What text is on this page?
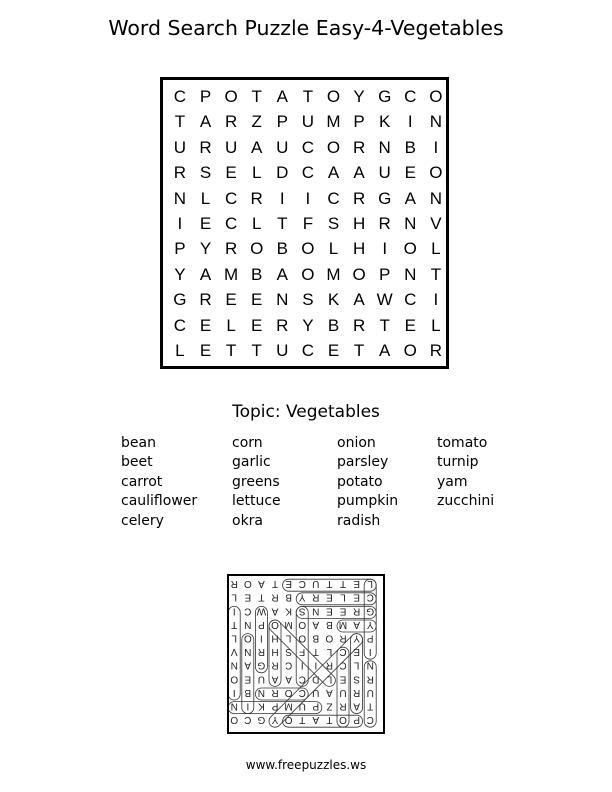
Word Search Puzzle Easy-4-Vegetables
C P O T A T O Y G C O
T A R Z P U M P K	I	N
U R U A U C O R N B	I
R S E L D C A A U E O
N L C R	I	I	C R G A N
I	E C L T F S H R N V
P Y R O B O L H	I O L
Y A M B A O M O P N T
G R E E N S K A W C	I
C E L E R Y B R T E L
L E T T U C E T A O R
Topic: Vegetables
bean
beet
carrot
cauliflower
celery
corn
garlic
greens
lettuce
okra
onion
parsley
potato
pumpkin
radish
tomato
turnip
yam
zucchini
C
P
O
T
A
T
O
Y
G
C
O
T
A
R
Z
P
U
M
P
K
I
N
U
R
U
A
U
C
O
R
N
B
I
R
S
E
L
D
C
A
A
U
E
O
N
L
C
R
I
I
C
R
G
A
N
I
E
C
L
T
F
S
H
R
N
V
P
Y
R
O
B
O
L
H
I
O
L
Y
A
M
B
A
O
M
O
P
N
T
G
R
E
E
N
S
K
A
W
C
I
C
E
L
E
R
Y
B
R
T
E
L
L
E
T
T
U
C
E
T
A
O
R
www.freepuzzles.ws
